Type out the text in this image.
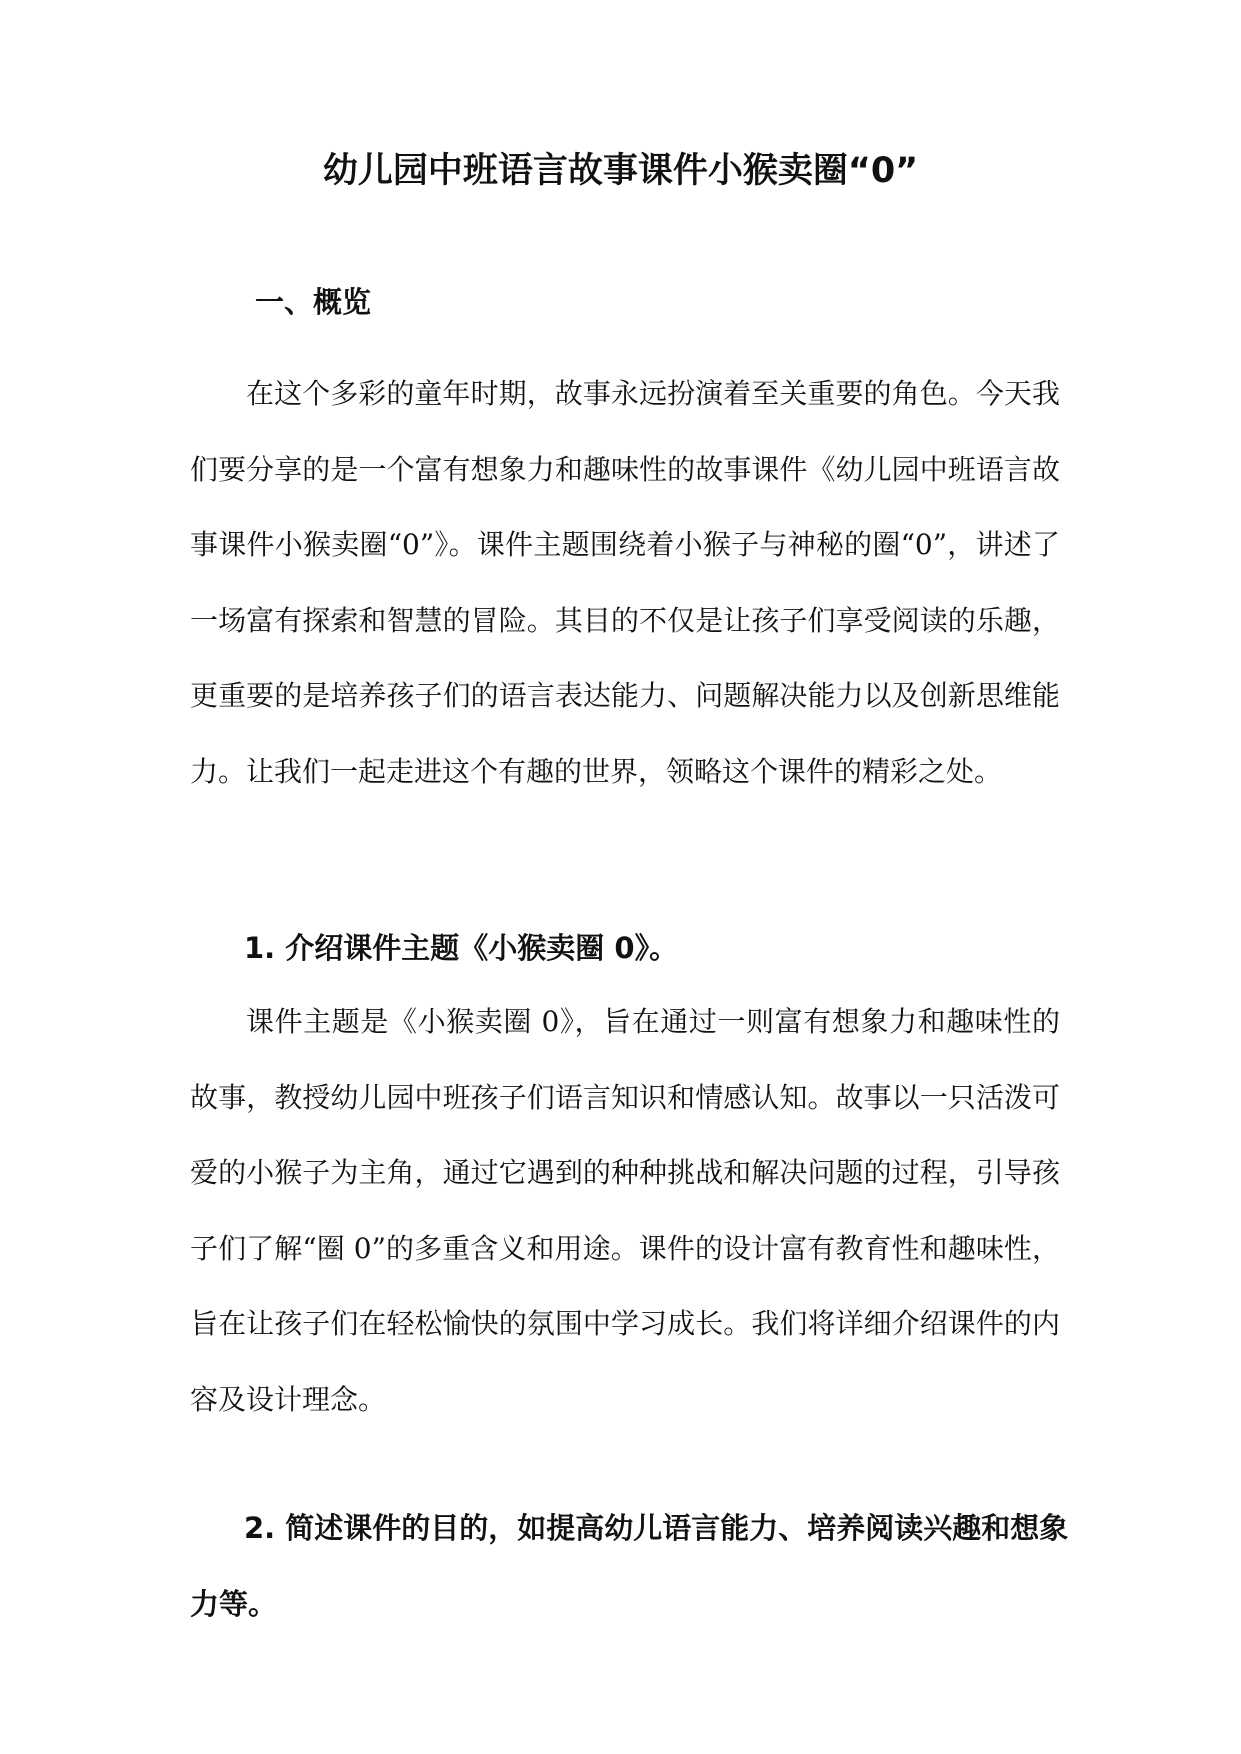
幼儿园中班语言故事课件小猴卖圈“0”
一、概览

在这个多彩的童年时期，故事永远扮演着至关重要的角色。今天我们要分享的是一个富有想象力和趣味性的故事课件《幼儿园中班语言故事课件小猴卖圈“0”》。课件主题围绕着小猴子与神秘的圈“0”，讲述了一场富有探索和智慧的冒险。其目的不仅是让孩子们享受阅读的乐趣，更重要的是培养孩子们的语言表达能力、问题解决能力以及创新思维能力。让我们一起走进这个有趣的世界，领略这个课件的精彩之处。

1. 介绍课件主题《小猴卖圈 0》。

课件主题是《小猴卖圈 0》，旨在通过一则富有想象力和趣味性的故事，教授幼儿园中班孩子们语言知识和情感认知。故事以一只活泼可爱的小猴子为主角，通过它遇到的种种挑战和解决问题的过程，引导孩子们了解“圈 0”的多重含义和用途。课件的设计富有教育性和趣味性，旨在让孩子们在轻松愉快的氛围中学习成长。我们将详细介绍课件的内容及设计理念。

2. 简述课件的目的，如提高幼儿语言能力、培养阅读兴趣和想象力等。
